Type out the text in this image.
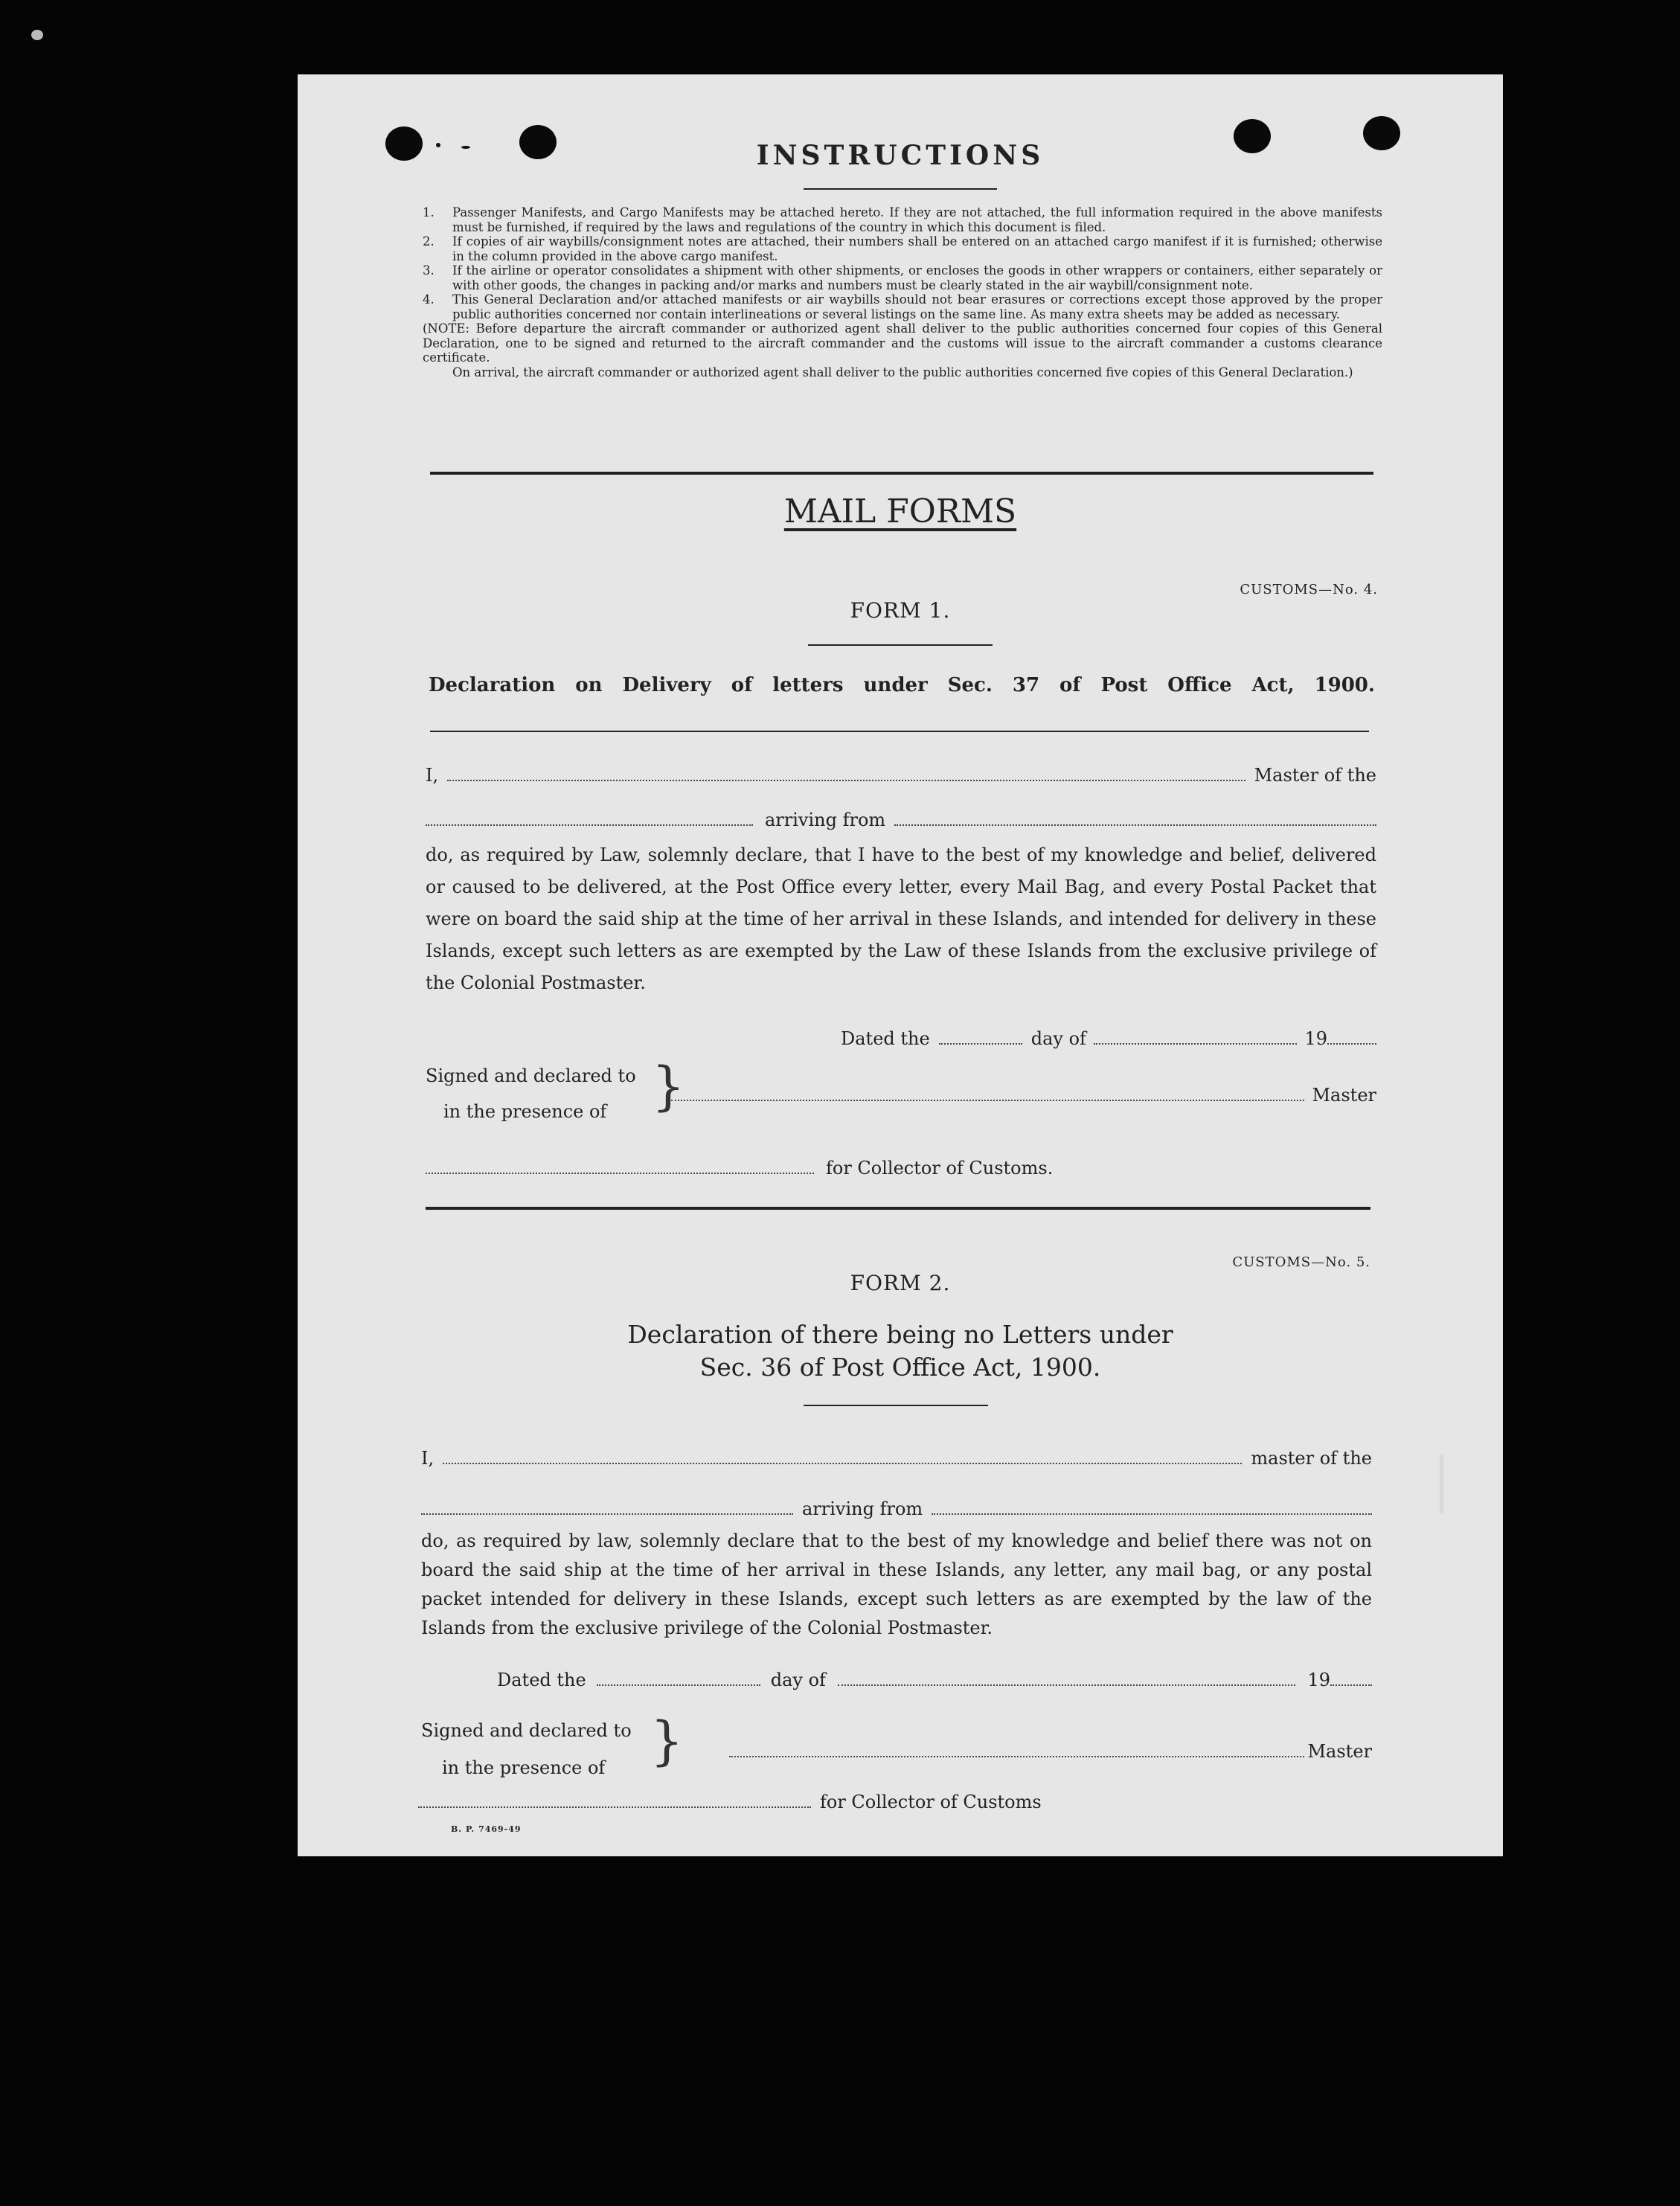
INSTRUCTIONS
1. Passenger Manifests, and Cargo Manifests may be attached hereto. If they are not attached, the full information required in the above manifests must be furnished, if required by the laws and regulations of the country in which this document is filed.
2. If copies of air waybills/consignment notes are attached, their numbers shall be entered on an attached cargo manifest if it is furnished; otherwise in the column provided in the above cargo manifest.
3. If the airline or operator consolidates a shipment with other shipments, or encloses the goods in other wrappers or containers, either separately or with other goods, the changes in packing and/or marks and numbers must be clearly stated in the air waybill/consignment note.
4. This General Declaration and/or attached manifests or air waybills should not bear erasures or corrections except those approved by the proper public authorities concerned nor contain interlineations or several listings on the same line. As many extra sheets may be added as necessary.

(NOTE: Before departure the aircraft commander or authorized agent shall deliver to the public authorities concerned four copies of this General Declaration, one to be signed and returned to the aircraft commander and the customs will issue to the aircraft commander a customs clearance certificate.

On arrival, the aircraft commander or authorized agent shall deliver to the public authorities concerned five copies of this General Declaration.)

MAIL FORMS
CUSTOMS—No. 4.
FORM 1.
Declaration on Delivery of letters under Sec. 37 of Post Office Act, 1900.
I,	Master of the
arriving from
do, as required by Law, solemnly declare, that I have to the best of my knowledge and belief, delivered or caused to be delivered, at the Post Office every letter, every Mail Bag, and every Postal Packet that were on board the said ship at the time of her arrival in these Islands, and intended for delivery in these Islands, except such letters as are exempted by the Law of these Islands from the exclusive privilege of the Colonial Postmaster.
Dated the	day of	19
Signed and declared to
in the presence of }	Master
for Collector of Customs.
CUSTOMS—No. 5.
FORM 2.
Declaration of there being no Letters under
Sec. 36 of Post Office Act, 1900.
I,	master of the
arriving from
do, as required by law, solemnly declare that to the best of my knowledge and belief there was not on board the said ship at the time of her arrival in these Islands, any letter, any mail bag, or any postal packet intended for delivery in these Islands, except such letters as are exempted by the law of the Islands from the exclusive privilege of the Colonial Postmaster.
Dated the	day of	19
Signed and declared to
in the presence of }	Master
for Collector of Customs
B. P. 7469-49
